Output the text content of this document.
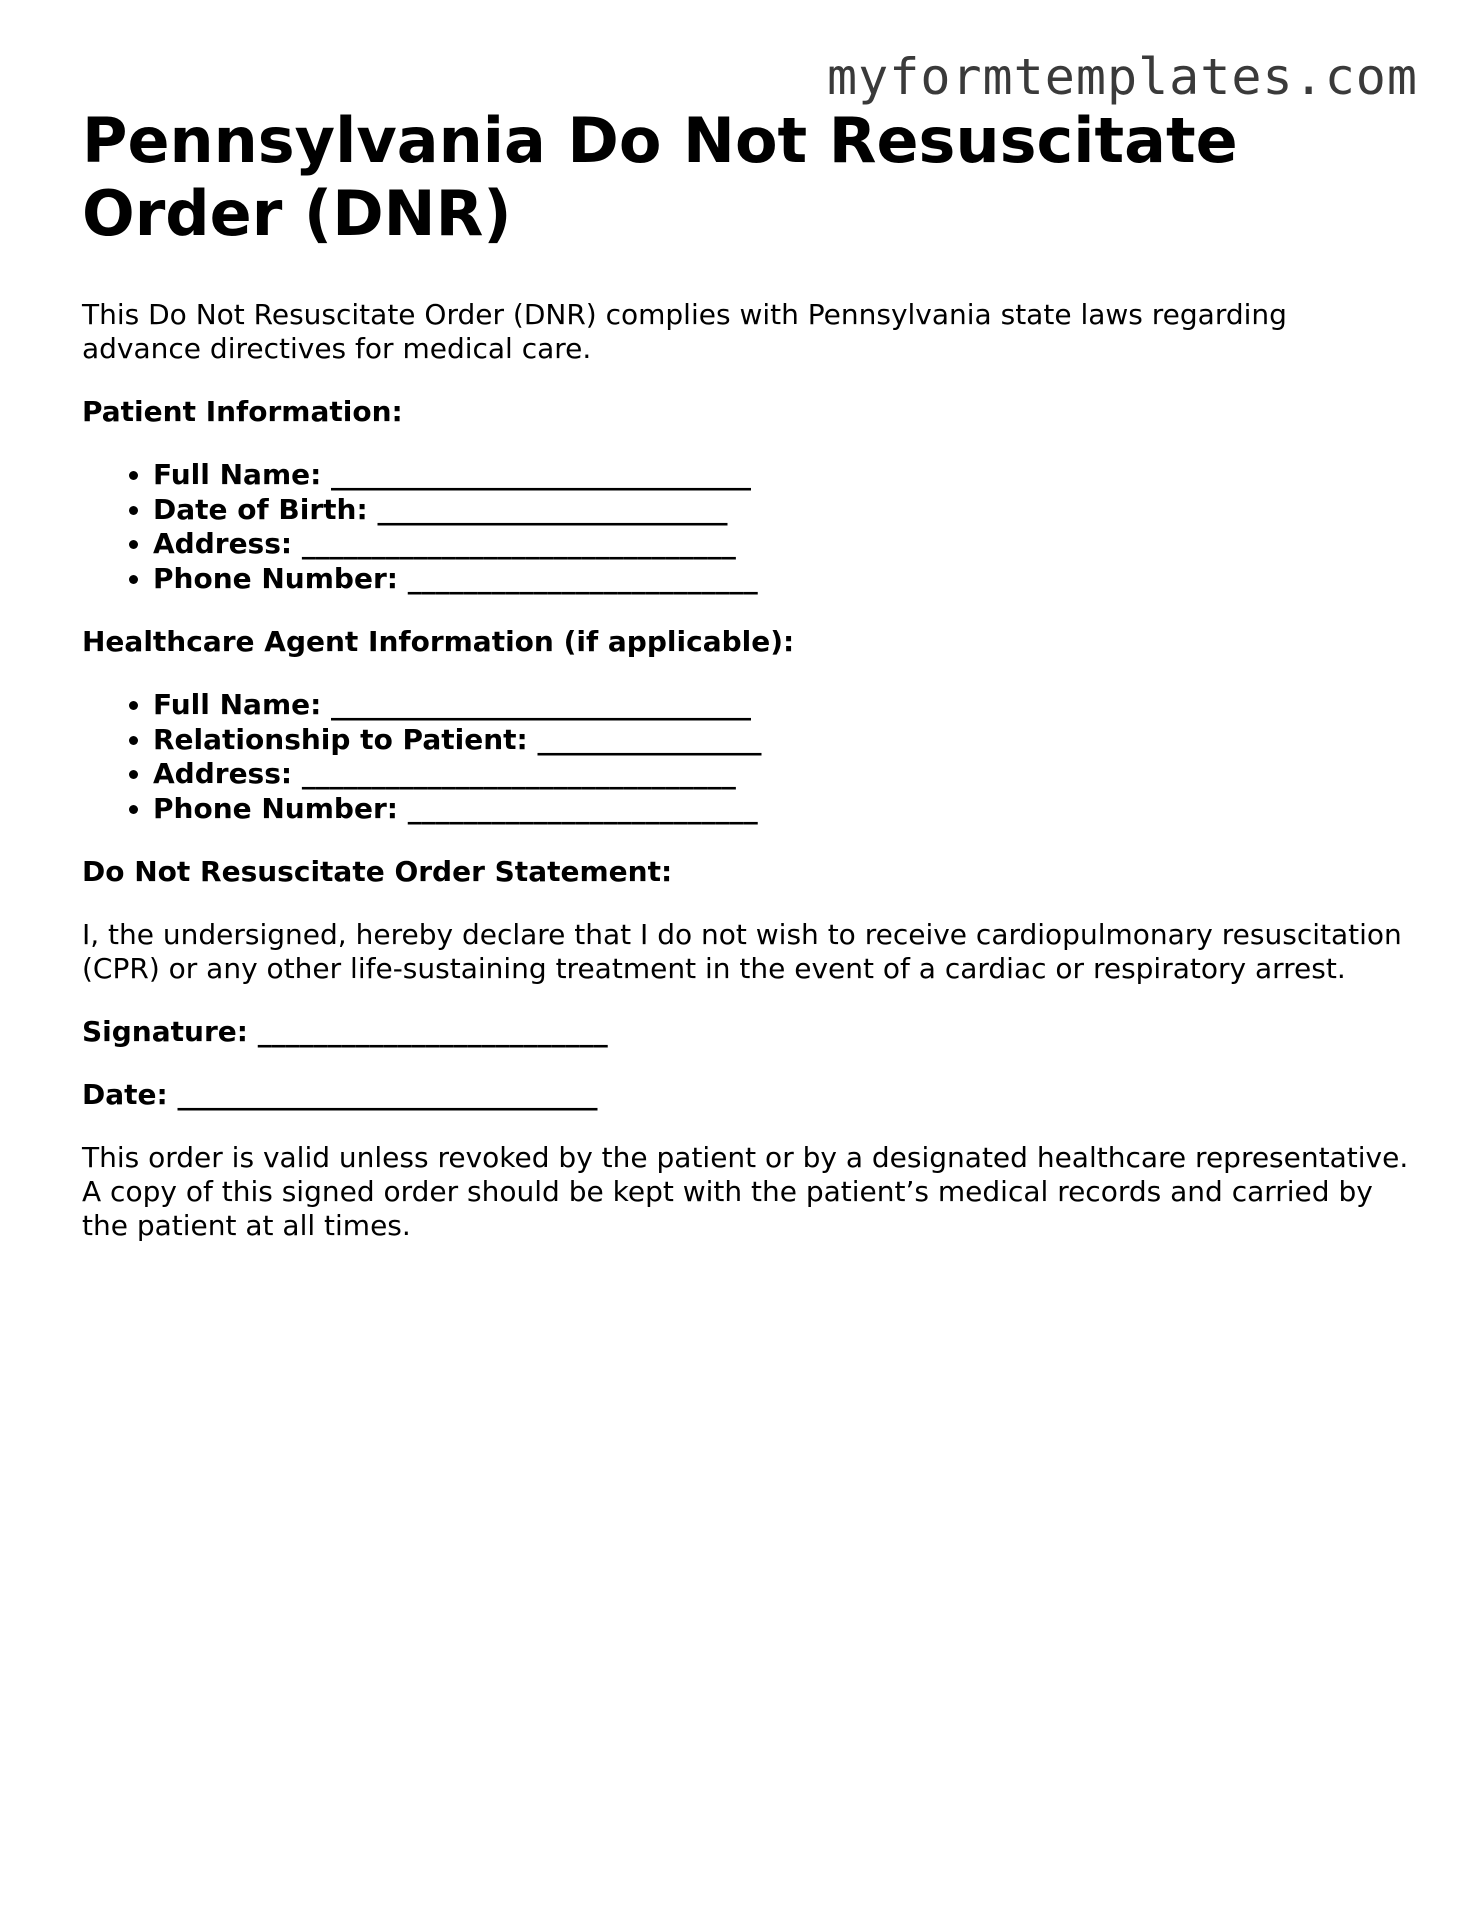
myformtemplates.com
Pennsylvania Do Not Resuscitate Order (DNR)

This Do Not Resuscitate Order (DNR) complies with Pennsylvania state laws regarding advance directives for medical care.

Patient Information:

• Full Name: ______________________________
• Date of Birth: _________________________
• Address: _______________________________
• Phone Number: _________________________

Healthcare Agent Information (if applicable):

• Full Name: ______________________________
• Relationship to Patient: ________________
• Address: _______________________________
• Phone Number: _________________________

Do Not Resuscitate Order Statement:

I, the undersigned, hereby declare that I do not wish to receive cardiopulmonary resuscitation (CPR) or any other life-sustaining treatment in the event of a cardiac or respiratory arrest.

Signature: _________________________

Date: ______________________________

This order is valid unless revoked by the patient or by a designated healthcare representative. A copy of this signed order should be kept with the patient’s medical records and carried by the patient at all times.
